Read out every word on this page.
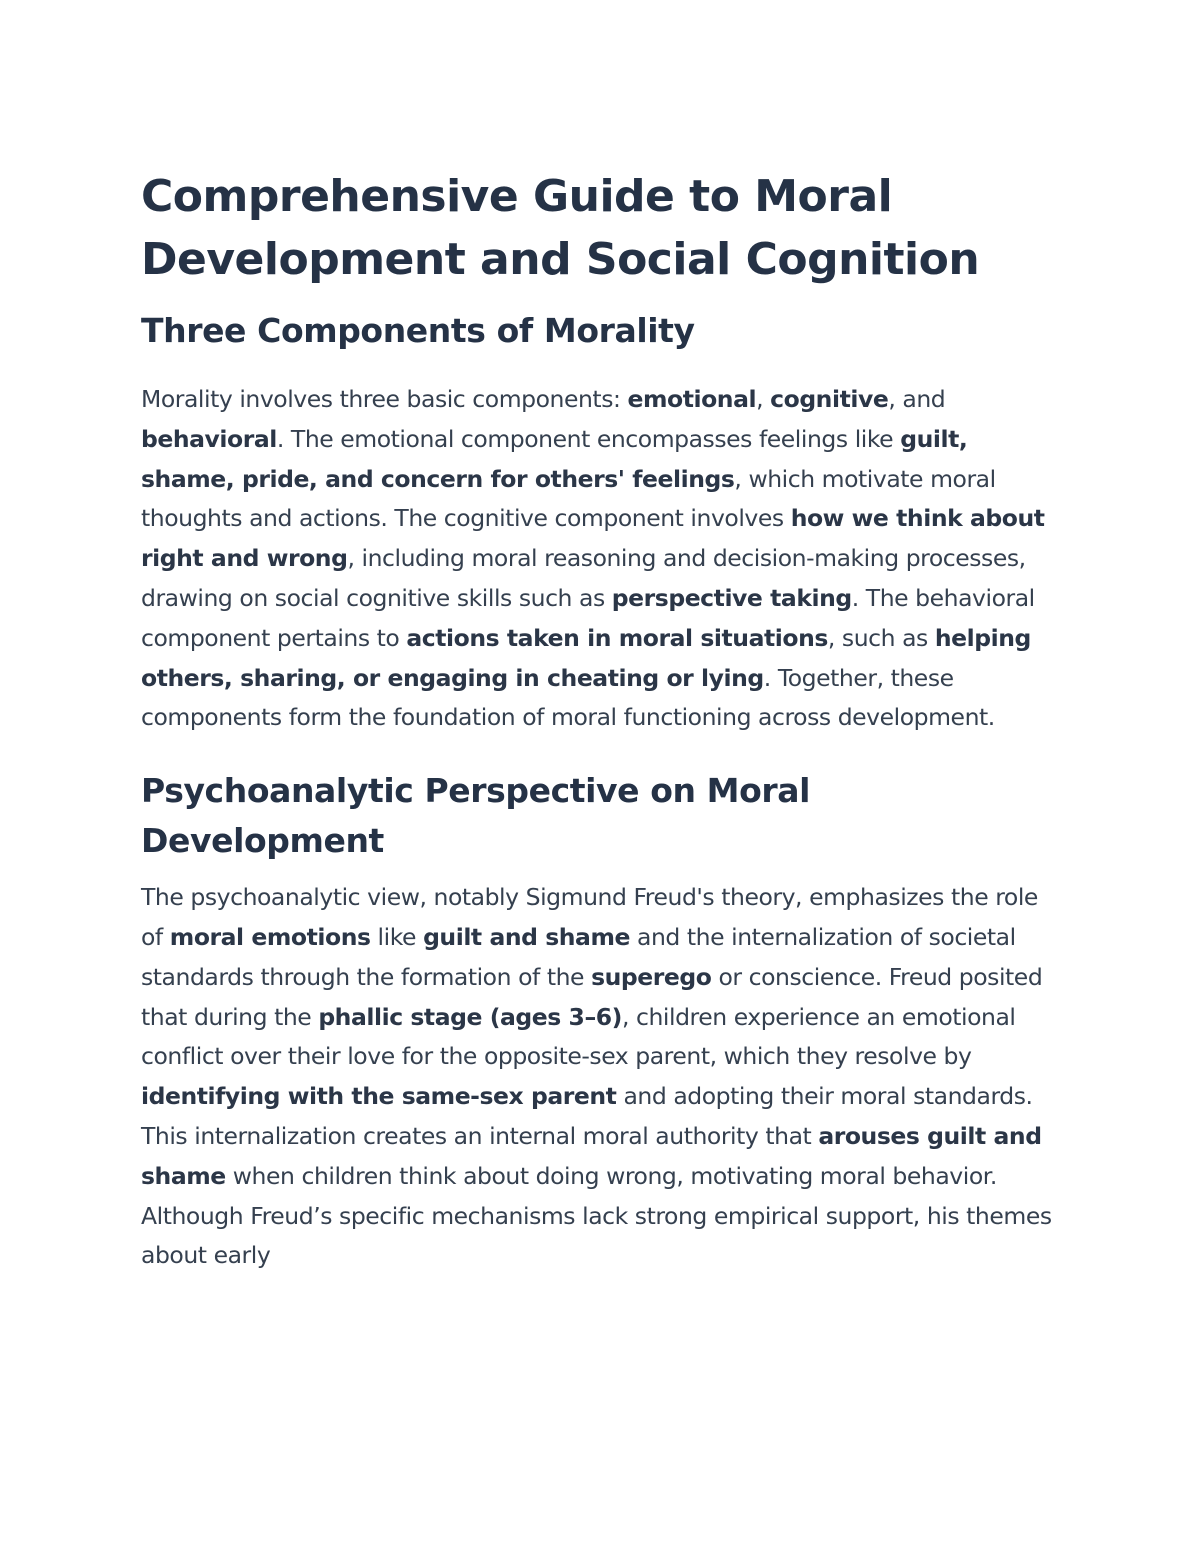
Comprehensive Guide to Moral Development and Social Cognition
Three Components of Morality

Morality involves three basic components: emotional, cognitive, and behavioral. The emotional component encompasses feelings like guilt, shame, pride, and concern for others' feelings, which motivate moral thoughts and actions. The cognitive component involves how we think about right and wrong, including moral reasoning and decision-making processes, drawing on social cognitive skills such as perspective taking. The behavioral component pertains to actions taken in moral situations, such as helping others, sharing, or engaging in cheating or lying. Together, these components form the foundation of moral functioning across development.

Psychoanalytic Perspective on Moral Development

The psychoanalytic view, notably Sigmund Freud's theory, emphasizes the role of moral emotions like guilt and shame and the internalization of societal standards through the formation of the superego or conscience. Freud posited that during the phallic stage (ages 3–6), children experience an emotional conflict over their love for the opposite-sex parent, which they resolve by identifying with the same-sex parent and adopting their moral standards. This internalization creates an internal moral authority that arouses guilt and shame when children think about doing wrong, motivating moral behavior. Although Freud’s specific mechanisms lack strong empirical support, his themes about early
